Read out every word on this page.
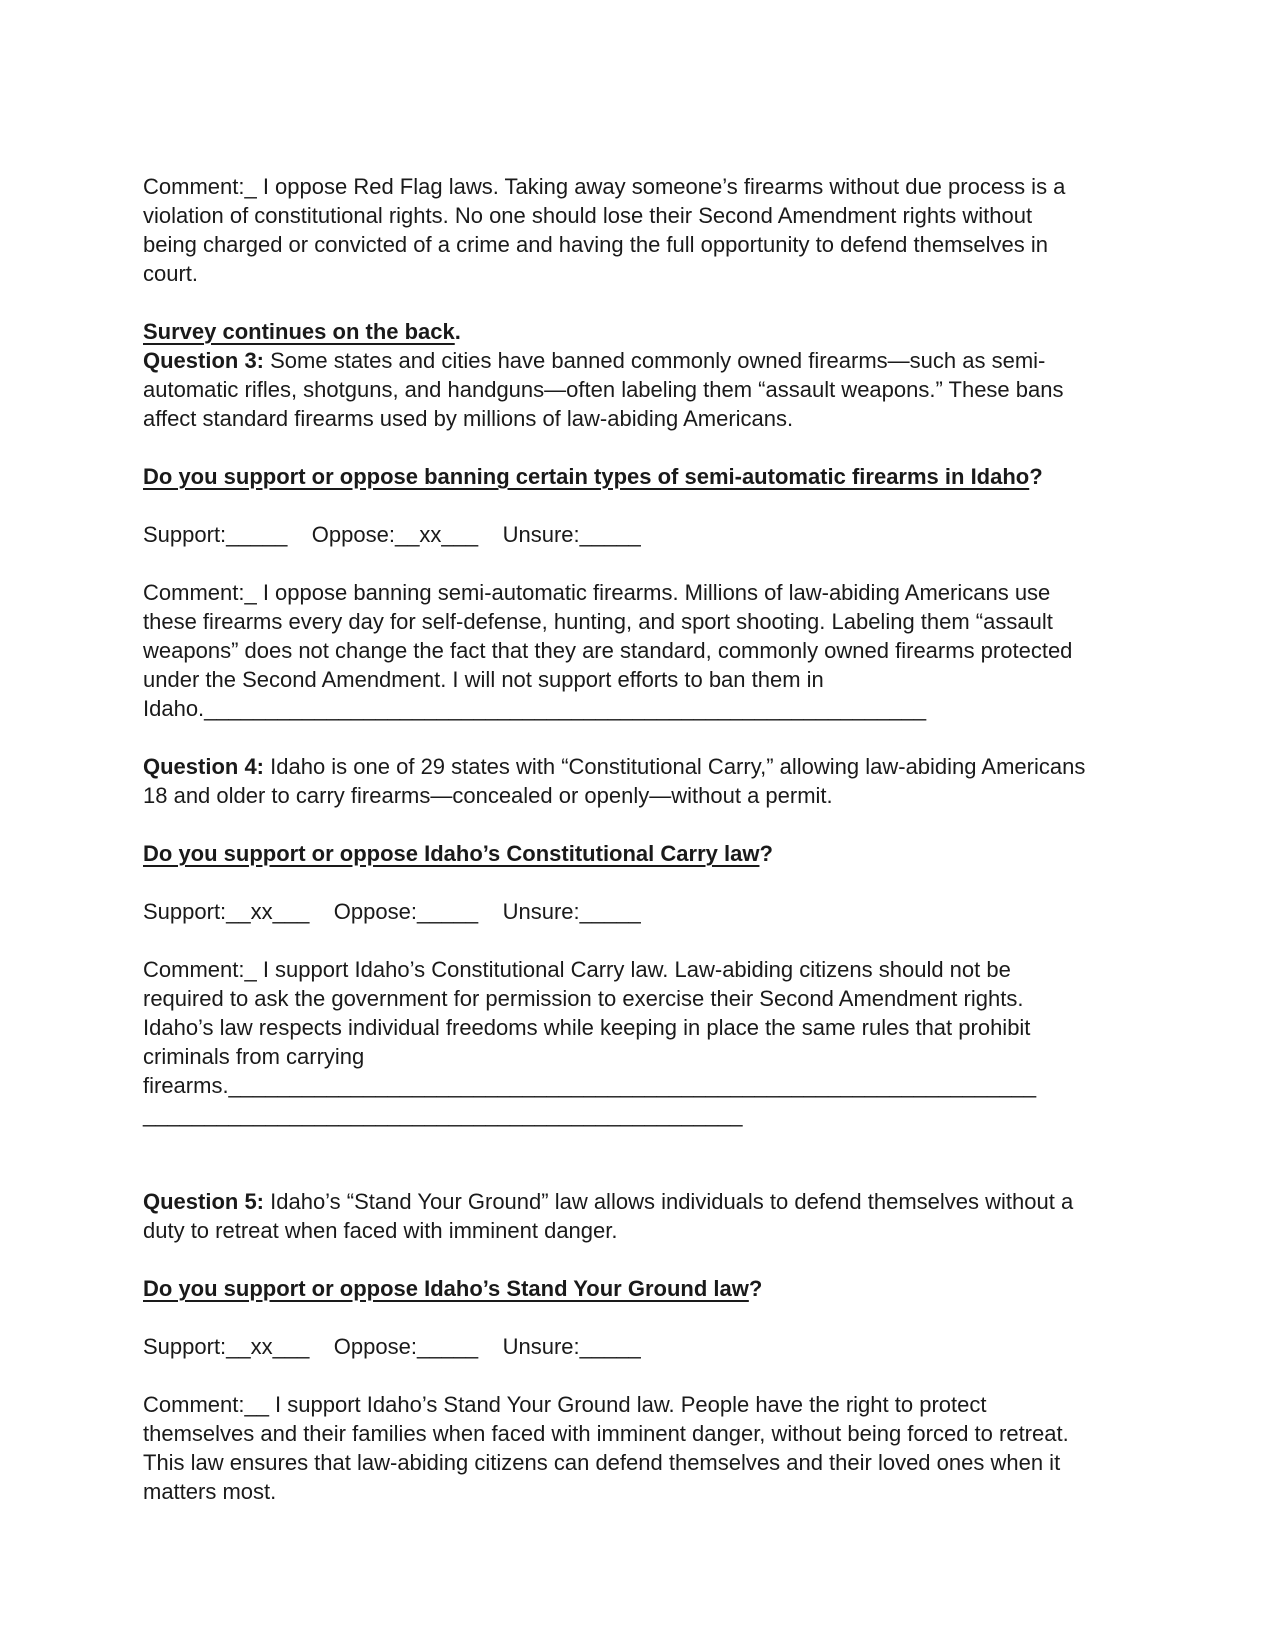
Comment:_ I oppose Red Flag laws. Taking away someone’s firearms without due process is a violation of constitutional rights. No one should lose their Second Amendment rights without being charged or convicted of a crime and having the full opportunity to defend themselves in court.

Survey continues on the back.

Question 3: Some states and cities have banned commonly owned firearms—such as semi-automatic rifles, shotguns, and handguns—often labeling them “assault weapons.” These bans affect standard firearms used by millions of law-abiding Americans.

Do you support or oppose banning certain types of semi-automatic firearms in Idaho?

Support:_____    Oppose:__xx___    Unsure:_____

Comment:_ I oppose banning semi-automatic firearms. Millions of law-abiding Americans use these firearms every day for self-defense, hunting, and sport shooting. Labeling them “assault weapons” does not change the fact that they are standard, commonly owned firearms protected under the Second Amendment. I will not support efforts to ban them in Idaho.___________________________________________________________

Question 4: Idaho is one of 29 states with “Constitutional Carry,” allowing law-abiding Americans 18 and older to carry firearms—concealed or openly—without a permit.

Do you support or oppose Idaho’s Constitutional Carry law?

Support:__xx___    Oppose:_____    Unsure:_____

Comment:_ I support Idaho’s Constitutional Carry law. Law-abiding citizens should not be required to ask the government for permission to exercise their Second Amendment rights. Idaho’s law respects individual freedoms while keeping in place the same rules that prohibit criminals from carrying firearms.__________________________________________________________________ _________________________________________________

Question 5: Idaho’s “Stand Your Ground” law allows individuals to defend themselves without a duty to retreat when faced with imminent danger.

Do you support or oppose Idaho’s Stand Your Ground law?

Support:__xx___    Oppose:_____    Unsure:_____

Comment:__ I support Idaho’s Stand Your Ground law. People have the right to protect themselves and their families when faced with imminent danger, without being forced to retreat. This law ensures that law-abiding citizens can defend themselves and their loved ones when it matters most.
